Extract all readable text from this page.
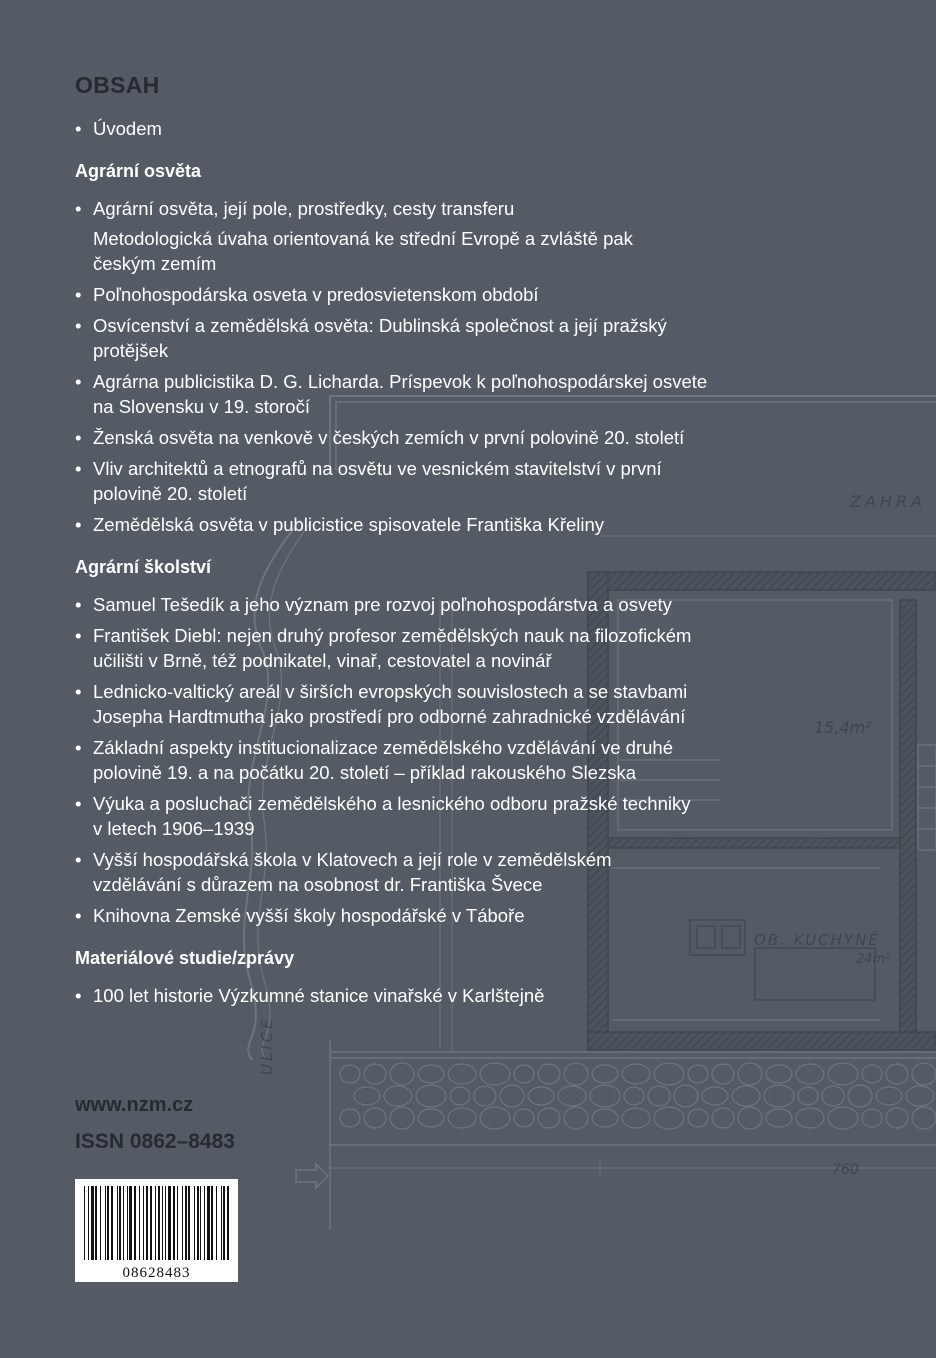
ZAHRA
ULICE
15,4m²
OB. KUCHYNĚ
24m²
760
OBSAH
• Úvodem
Agrární osvěta
• Agrární osvěta, její pole, prostředky, cesty transferu
Metodologická úvaha orientovaná ke střední Evropě a zvláště pak
českým zemím
• Poľnohospodárska osveta v predosvietenskom období
• Osvícenství a zemědělská osvěta: Dublinská společnost a její pražský
protějšek
• Agrárna publicistika D. G. Licharda. Príspevok k poľnohospodárskej osvete
na Slovensku v 19. storočí
• Ženská osvěta na venkově v českých zemích v první polovině 20. století
• Vliv architektů a etnografů na osvětu ve vesnickém stavitelství v první
polovině 20. století
• Zemědělská osvěta v publicistice spisovatele Františka Křeliny
Agrární školství
• Samuel Tešedík a jeho význam pre rozvoj poľnohospodárstva a osvety
• František Diebl: nejen druhý profesor zemědělských nauk na filozofickém
učilišti v Brně, též podnikatel, vinař, cestovatel a novinář
• Lednicko-valtický areál v širších evropských souvislostech a se stavbami
Josepha Hardtmutha jako prostředí pro odborné zahradnické vzdělávání
• Základní aspekty institucionalizace zemědělského vzdělávání ve druhé
polovině 19. a na počátku 20. století – příklad rakouského Slezska
• Výuka a posluchači zemědělského a lesnického odboru pražské techniky
v letech 1906–1939
• Vyšší hospodářská škola v Klatovech a její role v zemědělském
vzdělávání s důrazem na osobnost dr. Františka Švece
• Knihovna Zemské vyšší školy hospodářské v Táboře
Materiálové studie/zprávy
• 100 let historie Výzkumné stanice vinařské v Karlštejně
www.nzm.cz
ISSN 0862–8483
08628483
